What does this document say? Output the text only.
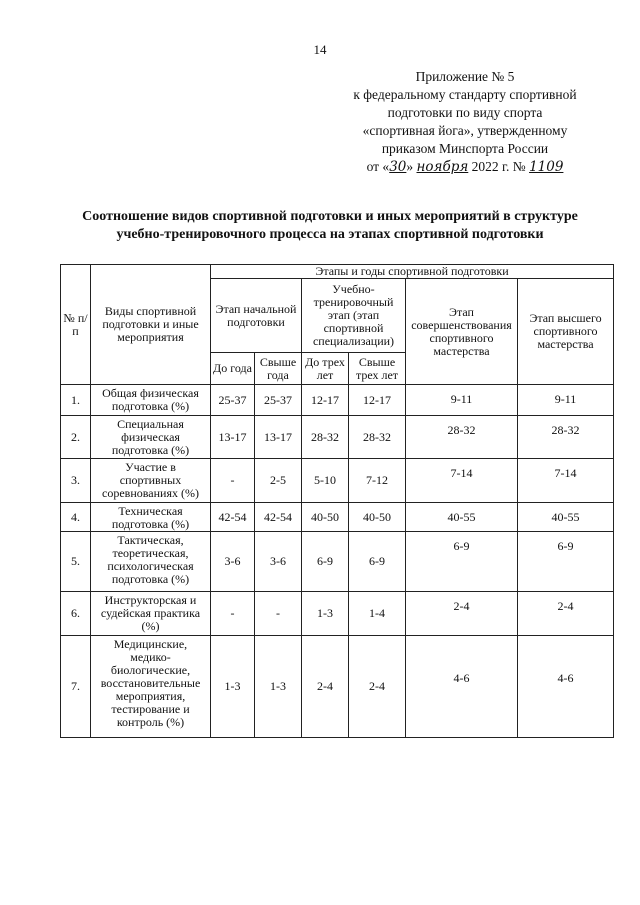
14
Приложение № 5
к федеральному стандарту спортивной
подготовки по виду спорта
«спортивная йога», утвержденному
приказом Минспорта России
от «30» ноября 2022 г. № 1109
Соотношение видов спортивной подготовки и иных мероприятий в структуре
учебно-тренировочного процесса на этапах спортивной подготовки
№ п/п	Виды спортивной подготовки и иные мероприятия	Этапы и годы спортивной подготовки					
		Этап начальной подготовки		Учебно-тренировочный этап (этап спортивной специализации)		Этап совершенствования спортивного мастерства	Этап высшего спортивного мастерства
		До года	Свыше года	До трех лет	Свыше трех лет		
1.	Общая физическая подготовка (%)	25-37	25-37	12-17	12-17	9-11	9-11
2.	Специальная физическая подготовка (%)	13-17	13-17	28-32	28-32	28-32	28-32
3.	Участие в спортивных соревнованиях (%)	-	2-5	5-10	7-12	7-14	7-14
4.	Техническая подготовка (%)	42-54	42-54	40-50	40-50	40-55	40-55
5.	Тактическая, теоретическая, психологическая подготовка (%)	3-6	3-6	6-9	6-9	6-9	6-9
6.	Инструкторская и судейская практика (%)	-	-	1-3	1-4	2-4	2-4
7.	Медицинские, медико-биологические, восстановительные мероприятия, тестирование и контроль (%)	1-3	1-3	2-4	2-4	4-6	4-6
